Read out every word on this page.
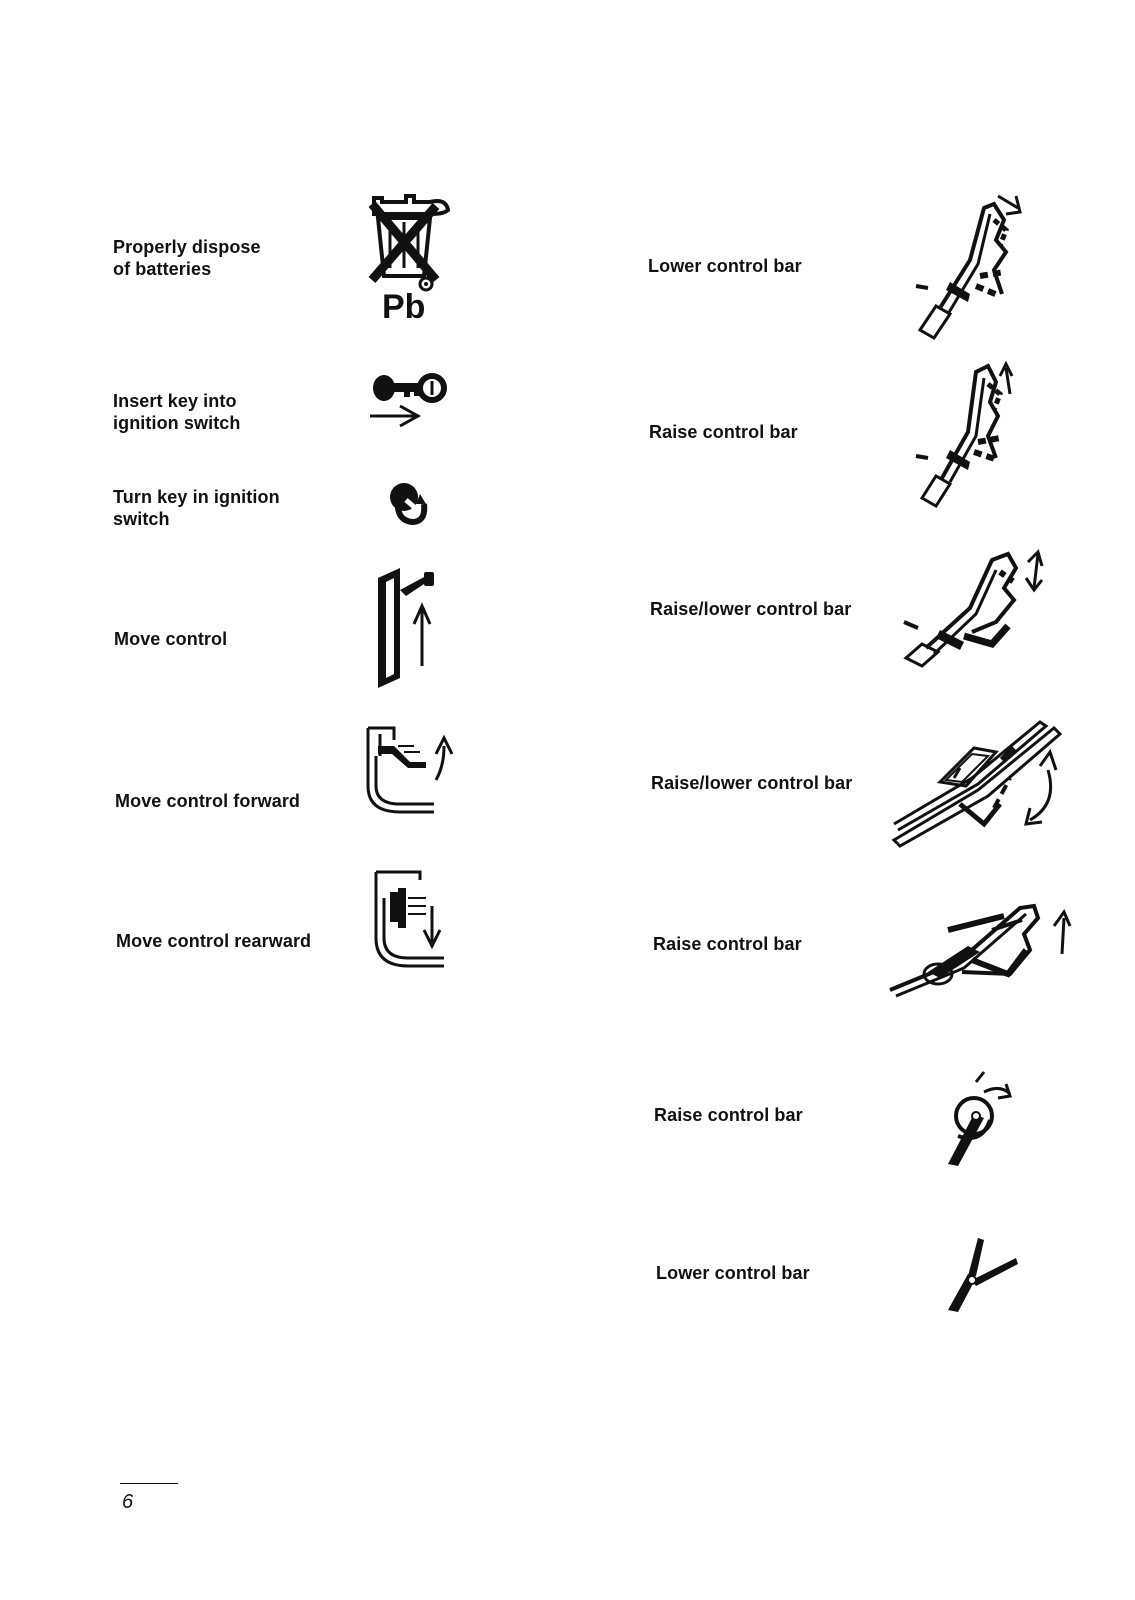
Properly dispose
of batteries
Insert key into
ignition switch
Turn key in ignition
switch
Move control
Move control forward
Move control rearward
Lower control bar
Raise control bar
Raise/lower control bar
Raise/lower control bar
Raise control bar
Raise control bar
Lower control bar
Pb
6
